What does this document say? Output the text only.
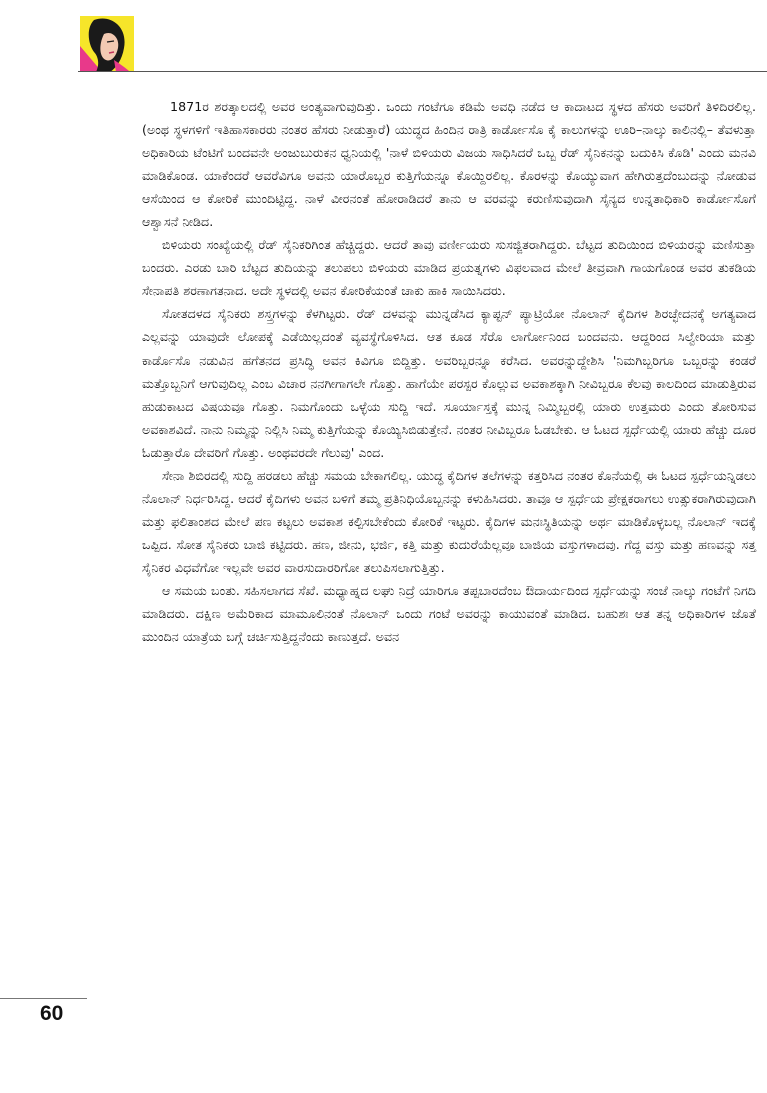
1871ರ ಶರತ್ಕಾಲದಲ್ಲಿ ಅವರ ಅಂತ್ಯವಾಗುವುದಿತ್ತು. ಒಂದು ಗಂಟೆಗೂ ಕಡಿಮೆ ಅವಧಿ ನಡೆದ ಆ ಕಾದಾಟದ ಸ್ಥಳದ ಹೆಸರು ಅವರಿಗೆ ತಿಳಿದಿರಲಿಲ್ಲ. (ಅಂಥ ಸ್ಥಳಗಳಿಗೆ ಇತಿಹಾಸಕಾರರು ನಂತರ ಹೆಸರು ನೀಡುತ್ತಾರೆ) ಯುದ್ಧದ ಹಿಂದಿನ ರಾತ್ರಿ ಕಾರ್ಡೋಸೊ ಕೈ ಕಾಲುಗಳನ್ನು ಊರಿ–ನಾಲ್ಕು ಕಾಲಿನಲ್ಲಿ– ತೆವಳುತ್ತಾ ಅಧಿಕಾರಿಯ ಟೆಂಟಿಗೆ ಬಂದವನೇ ಅಂಜುಬುರುಕನ ಧ್ವನಿಯಲ್ಲಿ 'ನಾಳೆ ಬಿಳಿಯರು ವಿಜಯ ಸಾಧಿಸಿದರೆ ಒಬ್ಬ ರೆಡ್ ಸೈನಿಕನನ್ನು ಬದುಕಿಸಿ ಕೊಡಿ' ಎಂದು ಮನವಿ ಮಾಡಿಕೊಂಡ. ಯಾಕೆಂದರೆ ಆವರೆವಿಗೂ ಅವನು ಯಾರೊಬ್ಬರ ಕುತ್ತಿಗೆಯನ್ನೂ ಕೊಯ್ದಿರಲಿಲ್ಲ. ಕೊರಳನ್ನು ಕೊಯ್ಯುವಾಗ ಹೇಗಿರುತ್ತದೆಂಬುದನ್ನು ನೋಡುವ ಆಸೆಯಿಂದ ಆ ಕೋರಿಕೆ ಮುಂದಿಟ್ಟಿದ್ದ. ನಾಳೆ ವೀರನಂತೆ ಹೋರಾಡಿದರೆ ತಾನು ಆ ವರವನ್ನು ಕರುಣಿಸುವುದಾಗಿ ಸೈನ್ಯದ ಉನ್ನತಾಧಿಕಾರಿ ಕಾರ್ಡೋಸೊಗೆ ಆಶ್ವಾಸನೆ ನೀಡಿದ.

ಬಿಳಿಯರು ಸಂಖ್ಯೆಯಲ್ಲಿ ರೆಡ್ ಸೈನಿಕರಿಗಿಂತ ಹೆಚ್ಚಿದ್ದರು. ಆದರೆ ತಾವು ವರ್ಣೀಯರು ಸುಸಜ್ಜಿತರಾಗಿದ್ದರು. ಬೆಟ್ಟದ ತುದಿಯಿಂದ ಬಿಳಿಯರನ್ನು ಮಣಿಸುತ್ತಾ ಬಂದರು. ಎರಡು ಬಾರಿ ಬೆಟ್ಟದ ತುದಿಯನ್ನು ತಲುಪಲು ಬಿಳಿಯರು ಮಾಡಿದ ಪ್ರಯತ್ನಗಳು ವಿಫಲವಾದ ಮೇಲೆ ತೀವ್ರವಾಗಿ ಗಾಯಗೊಂಡ ಅವರ ತುಕಡಿಯ ಸೇನಾಪತಿ ಶರಣಾಗತನಾದ. ಅದೇ ಸ್ಥಳದಲ್ಲಿ ಅವನ ಕೋರಿಕೆಯಂತೆ ಚಾಕು ಹಾಕಿ ಸಾಯಿಸಿದರು.

ಸೋತದಳದ ಸೈನಿಕರು ಶಸ್ತ್ರಗಳನ್ನು ಕೆಳಗಿಟ್ಟರು. ರೆಡ್ ದಳವನ್ನು ಮುನ್ನಡೆಸಿದ ಕ್ಯಾಪ್ಟನ್ ಪ್ಯಾಟ್ರಿಯೋ ನೊಲಾನ್ ಕೈದಿಗಳ ಶಿರಚ್ಛೇದನಕ್ಕೆ ಅಗತ್ಯವಾದ ಎಲ್ಲವನ್ನು ಯಾವುದೇ ಲೋಪಕ್ಕೆ ಎಡೆಯಿಲ್ಲದಂತೆ ವ್ಯವಸ್ಥೆಗೊಳಿಸಿದ. ಆತ ಕೂಡ ಸೆರೊ ಲಾರ್ಗೋನಿಂದ ಬಂದವನು. ಆದ್ದರಿಂದ ಸಿಲ್ವೇರಿಯಾ ಮತ್ತು ಕಾರ್ಡೊಸೊ ನಡುವಿನ ಹಗೆತನದ ಪ್ರಸಿದ್ಧಿ ಅವನ ಕಿವಿಗೂ ಬಿದ್ದಿತ್ತು. ಅವರಿಬ್ಬರನ್ನೂ ಕರೆಸಿದ. ಅವರನ್ನುದ್ದೇಶಿಸಿ 'ನಿಮಗಿಬ್ಬರಿಗೂ ಒಬ್ಬರನ್ನು ಕಂಡರೆ ಮತ್ತೊಬ್ಬನಿಗೆ ಆಗುವುದಿಲ್ಲ ಎಂಬ ವಿಚಾರ ನನಗೀಗಾಗಲೇ ಗೊತ್ತು. ಹಾಗೆಯೇ ಪರಸ್ಪರ ಕೊಲ್ಲುವ ಅವಕಾಶಕ್ಕಾಗಿ ನೀವಿಬ್ಬರೂ ಕೆಲವು ಕಾಲದಿಂದ ಮಾಡುತ್ತಿರುವ ಹುಡುಕಾಟದ ವಿಷಯವೂ ಗೊತ್ತು. ನಿಮಗೊಂದು ಒಳ್ಳೆಯ ಸುದ್ದಿ ಇದೆ. ಸೂರ್ಯಾಸ್ತಕ್ಕೆ ಮುನ್ನ ನಿಮ್ಮಿಬ್ಬರಲ್ಲಿ ಯಾರು ಉತ್ತಮರು ಎಂದು ತೋರಿಸುವ ಅವಕಾಶವಿದೆ. ನಾನು ನಿಮ್ಮನ್ನು ನಿಲ್ಲಿಸಿ ನಿಮ್ಮ ಕುತ್ತಿಗೆಯನ್ನು ಕೊಯ್ಯಿಸಿಬಿಡುತ್ತೇನೆ. ನಂತರ ನೀವಿಬ್ಬರೂ ಓಡಬೇಕು. ಆ ಓಟದ ಸ್ಪರ್ಧೆಯಲ್ಲಿ ಯಾರು ಹೆಚ್ಚು ದೂರ ಓಡುತ್ತಾರೊ ದೇವರಿಗೆ ಗೊತ್ತು. ಅಂಥವರದೇ ಗೆಲುವು' ಎಂದ.

ಸೇನಾ ಶಿಬಿರದಲ್ಲಿ ಸುದ್ದಿ ಹರಡಲು ಹೆಚ್ಚು ಸಮಯ ಬೇಕಾಗಲಿಲ್ಲ. ಯುದ್ಧ ಕೈದಿಗಳ ತಲೆಗಳನ್ನು ಕತ್ತರಿಸಿದ ನಂತರ ಕೊನೆಯಲ್ಲಿ ಈ ಓಟದ ಸ್ಪರ್ಧೆಯನ್ನಿಡಲು ನೊಲಾನ್ ನಿರ್ಧರಿಸಿದ್ದ. ಆದರೆ ಕೈದಿಗಳು ಅವನ ಬಳಿಗೆ ತಮ್ಮ ಪ್ರತಿನಿಧಿಯೊಬ್ಬನನ್ನು ಕಳುಹಿಸಿದರು. ತಾವೂ ಆ ಸ್ಪರ್ಧೆಯ ಪ್ರೇಕ್ಷಕರಾಗಲು ಉತ್ಸುಕರಾಗಿರುವುದಾಗಿ ಮತ್ತು ಫಲಿತಾಂಶದ ಮೇಲೆ ಪಣ ಕಟ್ಟಲು ಅವಕಾಶ ಕಲ್ಪಿಸಬೇಕೆಂದು ಕೋರಿಕೆ ಇಟ್ಟರು. ಕೈದಿಗಳ ಮನಃಸ್ಥಿತಿಯನ್ನು ಅರ್ಥ ಮಾಡಿಕೊಳ್ಳಬಲ್ಲ ನೊಲಾನ್ ಇದಕ್ಕೆ ಒಪ್ಪಿದ. ಸೋತ ಸೈನಿಕರು ಬಾಜಿ ಕಟ್ಟಿದರು. ಹಣ, ಜೀನು, ಭರ್ಜಿ, ಕತ್ತಿ ಮತ್ತು ಕುದುರೆಯೆಲ್ಲವೂ ಬಾಜಿಯ ವಸ್ತುಗಳಾದವು. ಗೆದ್ದ ವಸ್ತು ಮತ್ತು ಹಣವನ್ನು ಸತ್ತ ಸೈನಿಕರ ವಿಧವೆಗೋ ಇಲ್ಲವೇ ಅವರ ವಾರಸುದಾರರಿಗೋ ತಲುಪಿಸಲಾಗುತ್ತಿತ್ತು.

ಆ ಸಮಯ ಬಂತು. ಸಹಿಸಲಾಗದ ಸೆಖೆ. ಮಧ್ಯಾಹ್ನದ ಲಘು ನಿದ್ರೆ ಯಾರಿಗೂ ತಪ್ಪಬಾರದೆಂಬ ಔದಾರ್ಯದಿಂದ ಸ್ಪರ್ಧೆಯನ್ನು ಸಂಜೆ ನಾಲ್ಕು ಗಂಟೆಗೆ ನಿಗದಿ ಮಾಡಿದರು. ದಕ್ಷಿಣ ಅಮೆರಿಕಾದ ಮಾಮೂಲಿನಂತೆ ನೊಲಾನ್ ಒಂದು ಗಂಟೆ ಅವರನ್ನು ಕಾಯುವಂತೆ ಮಾಡಿದ. ಬಹುಶಃ ಆತ ತನ್ನ ಅಧಿಕಾರಿಗಳ ಜೊತೆ ಮುಂದಿನ ಯಾತ್ರೆಯ ಬಗ್ಗೆ ಚರ್ಚಿಸುತ್ತಿದ್ದನೆಂದು ಕಾಣುತ್ತದೆ. ಅವನ

60
